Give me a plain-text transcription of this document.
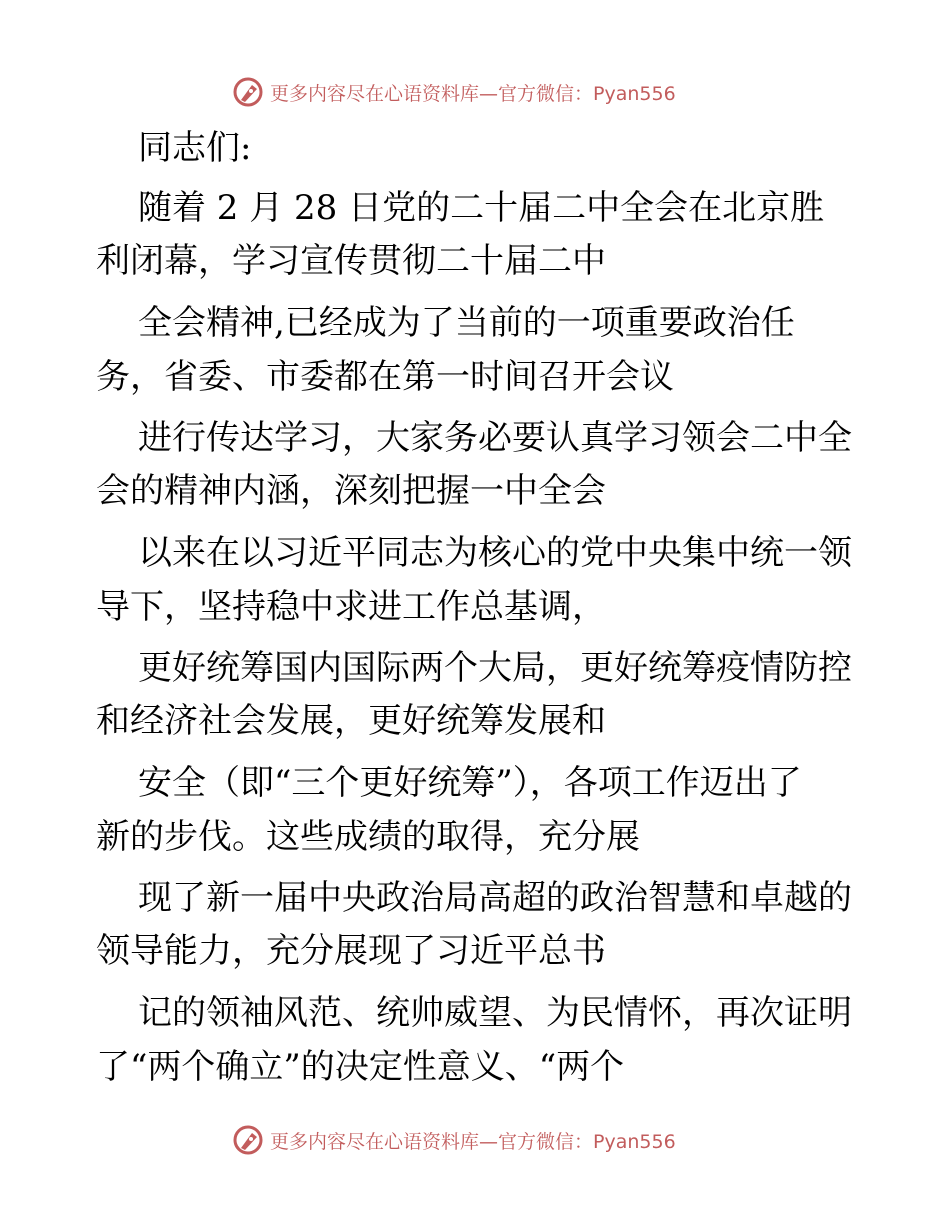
更多内容尽在心语资料库—官方微信：Pyan556
同志们:
随着 2 月 28 日党的二十届二中全会在北京胜
利闭幕，学习宣传贯彻二十届二中
全会精神,已经成为了当前的一项重要政治任
务，省委、市委都在第一时间召开会议
进行传达学习，大家务必要认真学习领会二中全
会的精神内涵，深刻把握一中全会
以来在以习近平同志为核心的党中央集中统一领
导下，坚持稳中求进工作总基调，
更好统筹国内国际两个大局，更好统筹疫情防控
和经济社会发展，更好统筹发展和
安全（即“三个更好统筹”），各项工作迈出了
新的步伐。这些成绩的取得，充分展
现了新一届中央政治局高超的政治智慧和卓越的
领导能力，充分展现了习近平总书
记的领袖风范、统帅威望、为民情怀，再次证明
了“两个确立”的决定性意义、“两个
更多内容尽在心语资料库—官方微信：Pyan556
